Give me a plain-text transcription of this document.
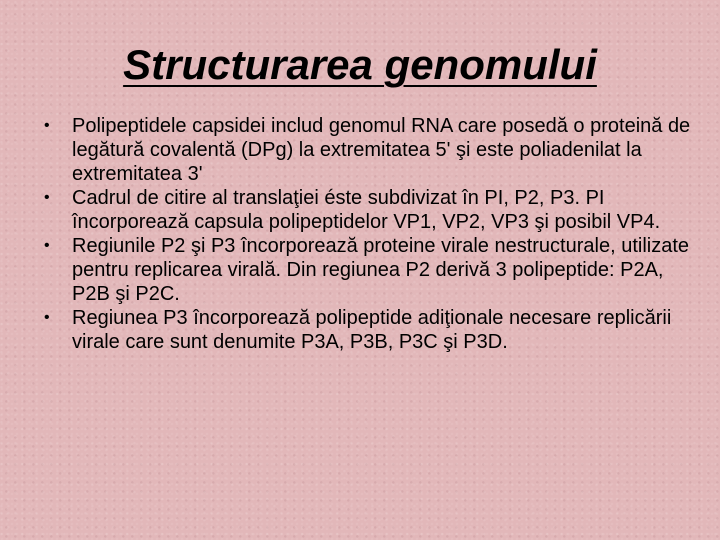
Structurarea genomului
• Polipeptidele capsidei includ genomul RNA care posedă o proteină de legătură covalentă (DPg) la extremitatea 5' şi este poliadenilat la extremitatea 3'
• Cadrul de citire al translaţiei éste subdivizat în PI, P2, P3. PI încorporează capsula polipeptidelor VP1, VP2, VP3 şi posibil VP4.
• Regiunile P2 şi P3 încorporează proteine virale nestructurale, utilizate pentru replicarea virală. Din regiunea P2 derivă 3 polipeptide: P2A, P2B şi P2C.
• Regiunea P3 încorporează polipeptide adiţionale necesare replicării virale care sunt denumite P3A, P3B, P3C şi P3D.
